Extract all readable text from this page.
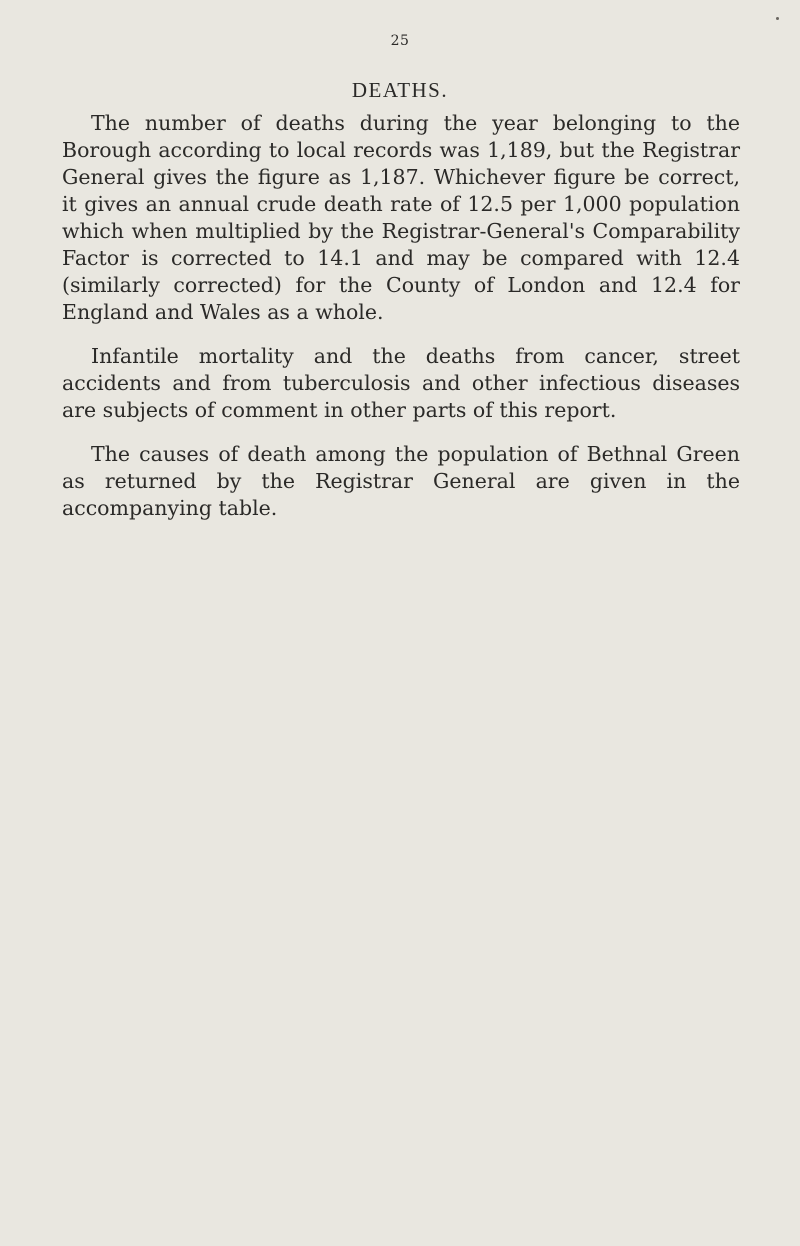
25
DEATHS.

The number of deaths during the year belonging to the Borough according to local records was 1,189, but the Registrar General gives the figure as 1,187. Whichever figure be correct, it gives an annual crude death rate of 12.5 per 1,000 population which when multiplied by the Registrar-General's Comparability Factor is corrected to 14.1 and may be compared with 12.4 (similarly corrected) for the County of London and 12.4 for England and Wales as a whole.

Infantile mortality and the deaths from cancer, street accidents and from tuberculosis and other infectious diseases are subjects of comment in other parts of this report.

The causes of death among the population of Bethnal Green as returned by the Registrar General are given in the accompanying table.
